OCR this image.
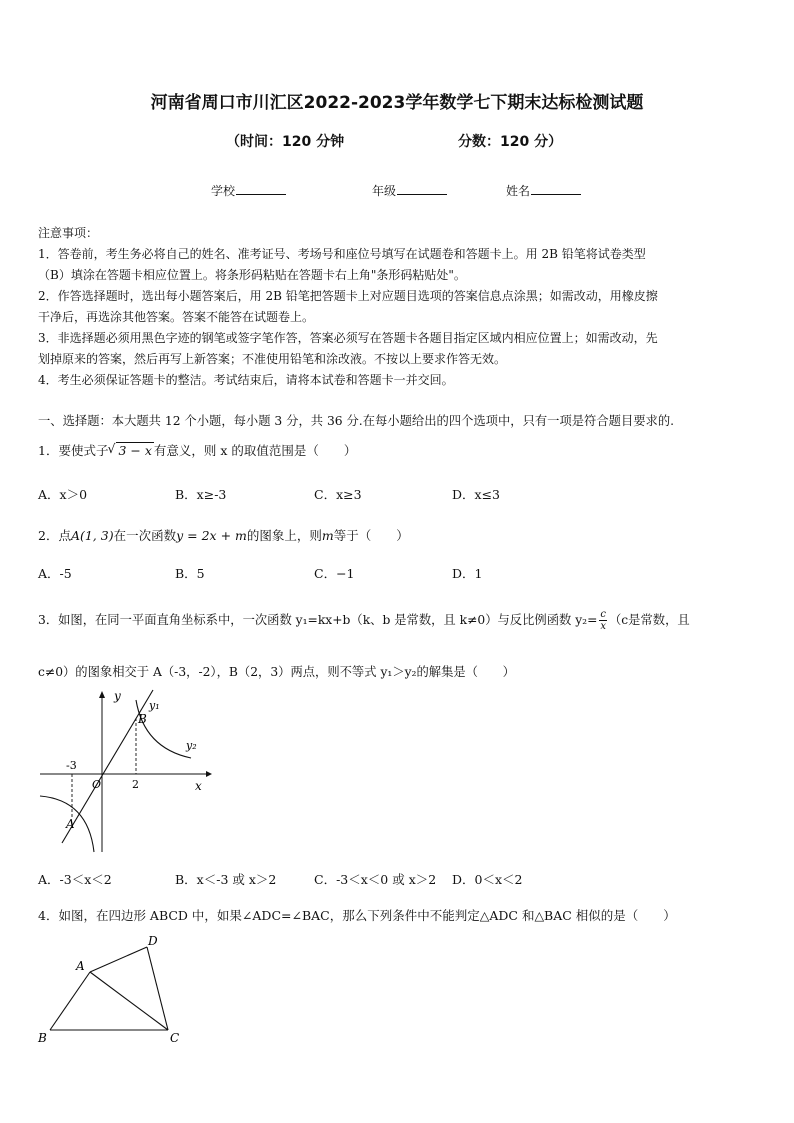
河南省周口市川汇区2022-2023学年数学七下期末达标检测试题
（时间：120 分钟	分数：120 分）
学校	年级	姓名
注意事项：
1．答卷前，考生务必将自己的姓名、准考证号、考场号和座位号填写在试题卷和答题卡上。用 2B 铅笔将试卷类型
（B）填涂在答题卡相应位置上。将条形码粘贴在答题卡右上角"条形码粘贴处"。
2．作答选择题时，选出每小题答案后，用 2B 铅笔把答题卡上对应题目选项的答案信息点涂黑；如需改动，用橡皮擦
干净后，再选涂其他答案。答案不能答在试题卷上。
3．非选择题必须用黑色字迹的钢笔或签字笔作答，答案必须写在答题卡各题目指定区域内相应位置上；如需改动，先
划掉原来的答案，然后再写上新答案；不准使用铅笔和涂改液。不按以上要求作答无效。
4．考生必须保证答题卡的整洁。考试结束后，请将本试卷和答题卡一并交回。
一、选择题：本大题共 12 个小题，每小题 3 分，共 36 分.在每小题给出的四个选项中，只有一项是符合题目要求的.
1．要使式子√ 3 − x 有意义，则 x 的取值范围是（　　）
A．x＞0	B．x≥-3	C．x≥3	D．x≤3
2．点A(1, 3)在一次函数y = 2x + m的图象上，则m等于（　　）
A．-5	B．5	C．−1	D．1
3．如图，在同一平面直角坐标系中，一次函数 y₁=kx+b（k、b 是常数，且 k≠0）与反比例函数 $y_2= \frac{c}{x} (c$是常数，且
c≠0）的图象相交于 A（-3，-2），B（2，3）两点，则不等式 y₁＞y₂的解集是（　　）
y
x
O
y₁
y₂
B
A
-3
2
A．-3＜x＜2	B．x＜-3 或 x＞2	C．-3＜x＜0 或 x＞2 D．0＜x＜2
4．如图，在四边形 ABCD 中，如果∠ADC=∠BAC，那么下列条件中不能判定△ADC 和△BAC 相似的是（　　）
A
B	C
D
